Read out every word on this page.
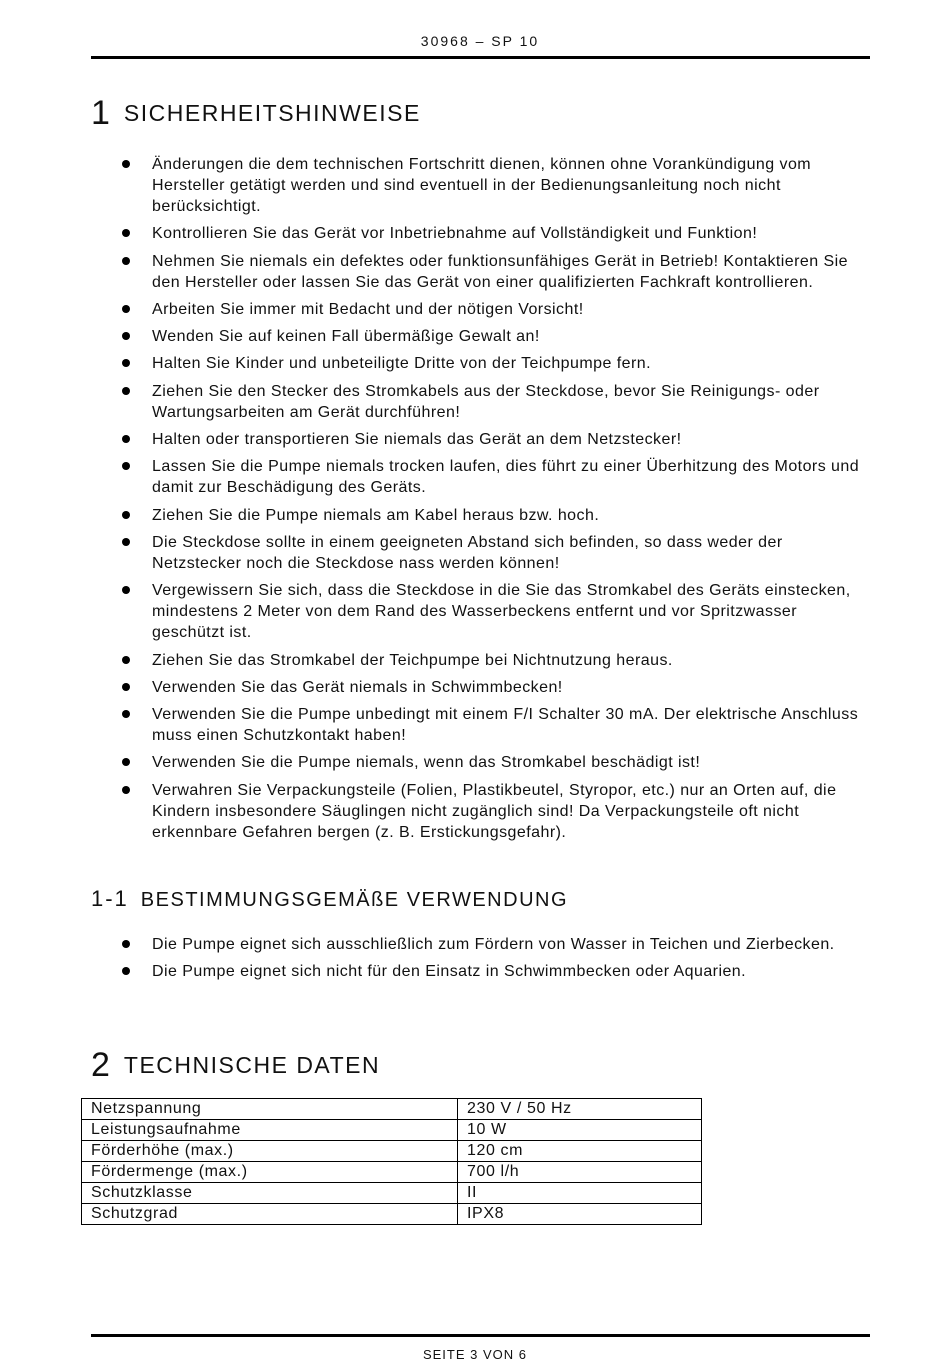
30968 – SP 10
1 SICHERHEITSHINWEISE
Änderungen die dem technischen Fortschritt dienen, können ohne Vorankündigung vom Hersteller getätigt werden und sind eventuell in der Bedienungsanleitung noch nicht berücksichtigt.
Kontrollieren Sie das Gerät vor Inbetriebnahme auf Vollständigkeit und Funktion!
Nehmen Sie niemals ein defektes oder funktionsunfähiges Gerät in Betrieb! Kontaktieren Sie den Hersteller oder lassen Sie das Gerät von einer qualifizierten Fachkraft kontrollieren.
Arbeiten Sie immer mit Bedacht und der nötigen Vorsicht!
Wenden Sie auf keinen Fall übermäßige Gewalt an!
Halten Sie Kinder und unbeteiligte Dritte von der Teichpumpe fern.
Ziehen Sie den Stecker des Stromkabels aus der Steckdose, bevor Sie Reinigungs- oder Wartungsarbeiten am Gerät durchführen!
Halten oder transportieren Sie niemals das Gerät an dem Netzstecker!
Lassen Sie die Pumpe niemals trocken laufen, dies führt zu einer Überhitzung des Motors und damit zur Beschädigung des Geräts.
Ziehen Sie die Pumpe niemals am Kabel heraus bzw. hoch.
Die Steckdose sollte in einem geeigneten Abstand sich befinden, so dass weder der Netzstecker noch die Steckdose nass werden können!
Vergewissern Sie sich, dass die Steckdose in die Sie das Stromkabel des Geräts einstecken, mindestens 2 Meter von dem Rand des Wasserbeckens entfernt und vor Spritzwasser geschützt ist.
Ziehen Sie das Stromkabel der Teichpumpe bei Nichtnutzung heraus.
Verwenden Sie das Gerät niemals in Schwimmbecken!
Verwenden Sie die Pumpe unbedingt mit einem F/I Schalter 30 mA. Der elektrische Anschluss muss einen Schutzkontakt haben!
Verwenden Sie die Pumpe niemals, wenn das Stromkabel beschädigt ist!
Verwahren Sie Verpackungsteile (Folien, Plastikbeutel, Styropor, etc.) nur an Orten auf, die Kindern insbesondere Säuglingen nicht zugänglich sind! Da Verpackungsteile oft nicht erkennbare Gefahren bergen (z. B. Erstickungsgefahr).
1-1 BESTIMMUNGSGEMÄßE VERWENDUNG
Die Pumpe eignet sich ausschließlich zum Fördern von Wasser in Teichen und Zierbecken.
Die Pumpe eignet sich nicht für den Einsatz in Schwimmbecken oder Aquarien.
2 TECHNISCHE DATEN
Netzspannung	230 V / 50 Hz
Leistungsaufnahme	10 W
Förderhöhe (max.)	120 cm
Fördermenge (max.)	700 l/h
Schutzklasse	II
Schutzgrad	IPX8
SEITE 3 VON 6
